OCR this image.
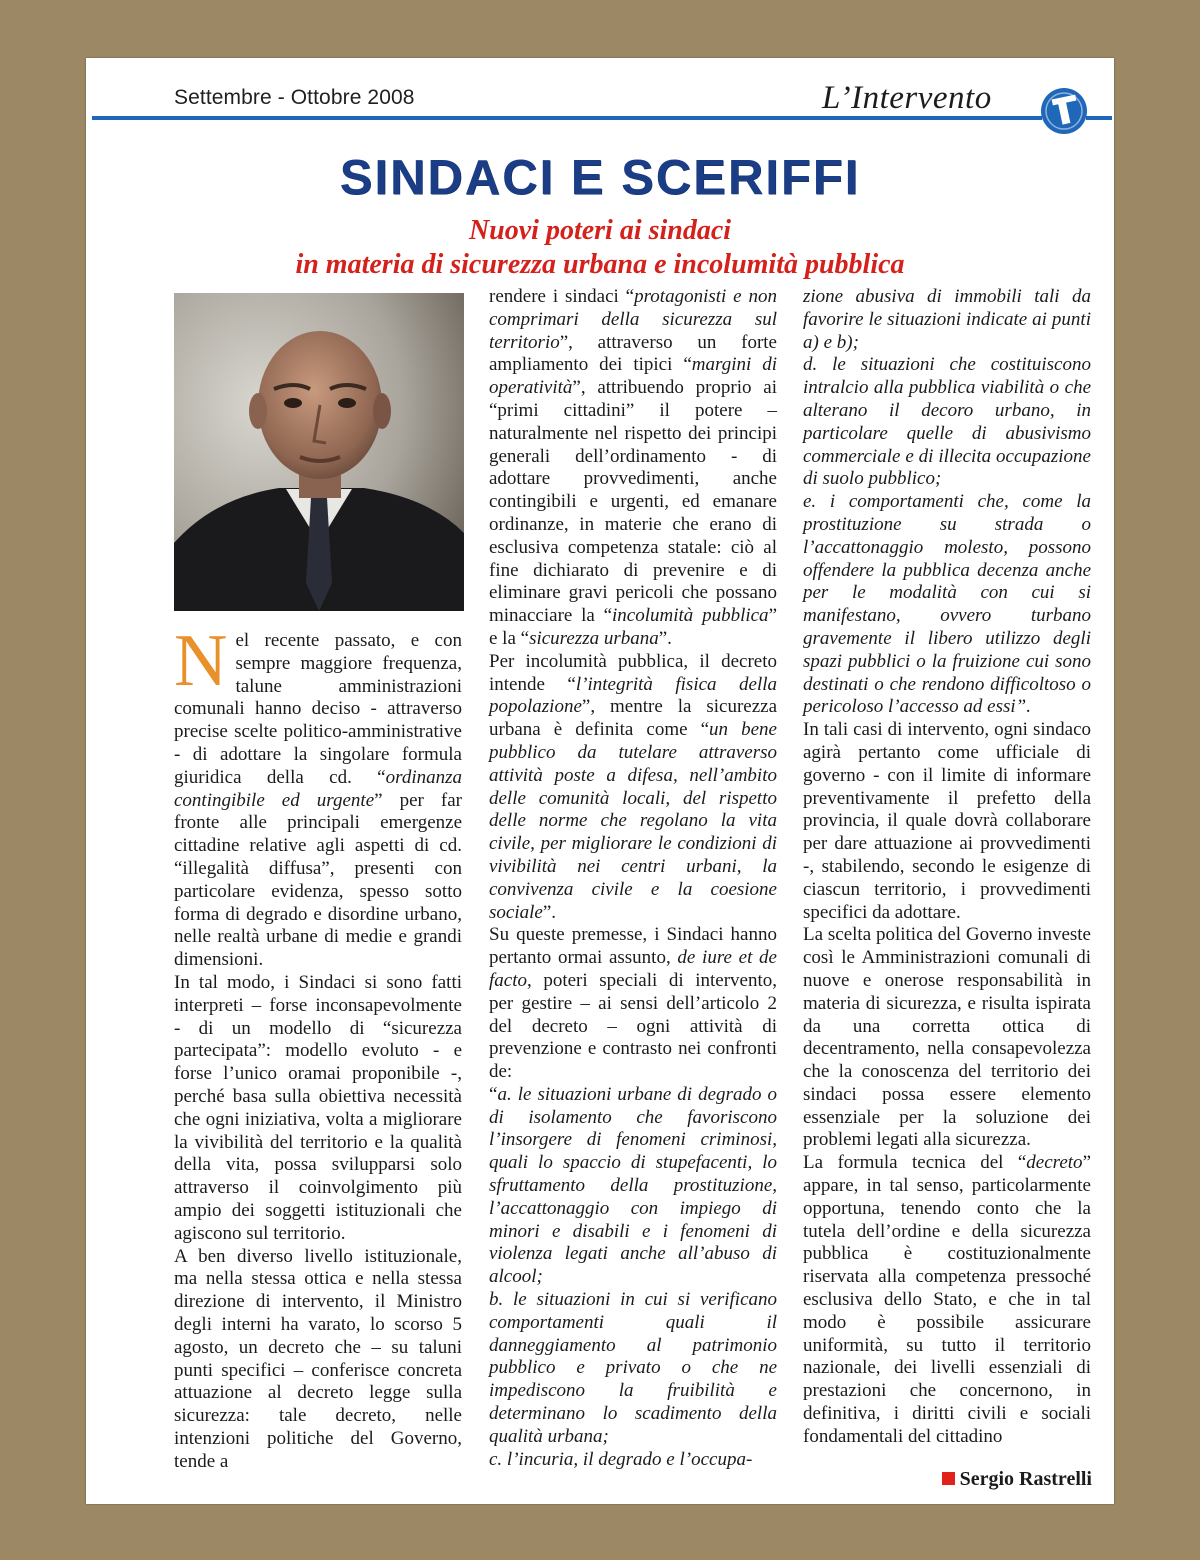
Settembre - Ottobre 2008	L’Intervento
SINDACI E SCERIFFI
Nuovi poteri ai sindaci
in materia di sicurezza urbana e incolumità pubblica

Nel recente passato, e con sempre maggiore frequenza, talune amministrazioni comunali hanno deciso - attraverso precise scelte politico-amministrative - di adottare la singolare formula giuridica della cd. “ordinanza contingibile ed urgente” per far fronte alle principali emergenze cittadine relative agli aspetti di cd. “illegalità diffusa”, presenti con particolare evidenza, spesso sotto forma di degrado e disordine urbano, nelle realtà urbane di medie e grandi dimensioni.

In tal modo, i Sindaci si sono fatti interpreti – forse inconsapevolmente - di un modello di “sicurezza partecipata”: modello evoluto - e forse l’unico oramai proponibile -, perché basa sulla obiettiva necessità che ogni iniziativa, volta a migliorare la vivibilità del territorio e la qualità della vita, possa svilupparsi solo attraverso il coinvolgimento più ampio dei soggetti istituzionali che agiscono sul territorio.

A ben diverso livello istituzionale, ma nella stessa ottica e nella stessa direzione di intervento, il Ministro degli interni ha varato, lo scorso 5 agosto, un decreto che – su taluni punti specifici – conferisce concreta attuazione al decreto legge sulla sicurezza: tale decreto, nelle intenzioni politiche del Governo, tende a

rendere i sindaci “protagonisti e non comprimari della sicurezza sul territorio”, attraverso un forte ampliamento dei tipici “margini di operatività”, attribuendo proprio ai “primi cittadini” il potere – naturalmente nel rispetto dei principi generali dell’ordinamento - di adottare provvedimenti, anche contingibili e urgenti, ed emanare ordinanze, in materie che erano di esclusiva competenza statale: ciò al fine dichiarato di prevenire e di eliminare gravi pericoli che possano minacciare la “incolumità pubblica” e la “sicurezza urbana”.

Per incolumità pubblica, il decreto intende “l’integrità fisica della popolazione”, mentre la sicurezza urbana è definita come “un bene pubblico da tutelare attraverso attività poste a difesa, nell’ambito delle comunità locali, del rispetto delle norme che regolano la vita civile, per migliorare le condizioni di vivibilità nei centri urbani, la convivenza civile e la coesione sociale”.

Su queste premesse, i Sindaci hanno pertanto ormai assunto, de iure et de facto, poteri speciali di intervento, per gestire – ai sensi dell’articolo 2 del decreto – ogni attività di prevenzione e contrasto nei confronti de:

“a. le situazioni urbane di degrado o di isolamento che favoriscono l’insorgere di fenomeni criminosi, quali lo spaccio di stupefacenti, lo sfruttamento della prostituzione, l’accattonaggio con impiego di minori e disabili e i fenomeni di violenza legati anche all’abuso di alcool;

b. le situazioni in cui si verificano comportamenti quali il danneggiamento al patrimonio pubblico e privato o che ne impediscono la fruibilità e determinano lo scadimento della qualità urbana;

c. l’incuria, il degrado e l’occupa-

zione abusiva di immobili tali da favorire le situazioni indicate ai punti a) e b);

d. le situazioni che costituiscono intralcio alla pubblica viabilità o che alterano il decoro urbano, in particolare quelle di abusivismo commerciale e di illecita occupazione di suolo pubblico;

e. i comportamenti che, come la prostituzione su strada o l’accattonaggio molesto, possono offendere la pubblica decenza anche per le modalità con cui si manifestano, ovvero turbano gravemente il libero utilizzo degli spazi pubblici o la fruizione cui sono destinati o che rendono difficoltoso o pericoloso l’accesso ad essi”.

In tali casi di intervento, ogni sindaco agirà pertanto come ufficiale di governo - con il limite di informare preventivamente il prefetto della provincia, il quale dovrà collaborare per dare attuazione ai provvedimenti -, stabilendo, secondo le esigenze di ciascun territorio, i provvedimenti specifici da adottare.

La scelta politica del Governo investe così le Amministrazioni comunali di nuove e onerose responsabilità in materia di sicurezza, e risulta ispirata da una corretta ottica di decentramento, nella consapevolezza che la conoscenza del territorio dei sindaci possa essere elemento essenziale per la soluzione dei problemi legati alla sicurezza.

La formula tecnica del “decreto” appare, in tal senso, particolarmente opportuna, tenendo conto che la tutela dell’ordine e della sicurezza pubblica è costituzionalmente riservata alla competenza pressoché esclusiva dello Stato, e che in tal modo è possibile assicurare uniformità, su tutto il territorio nazionale, dei livelli essenziali di prestazioni che concernono, in definitiva, i diritti civili e sociali fondamentali del cittadino

Sergio Rastrelli
